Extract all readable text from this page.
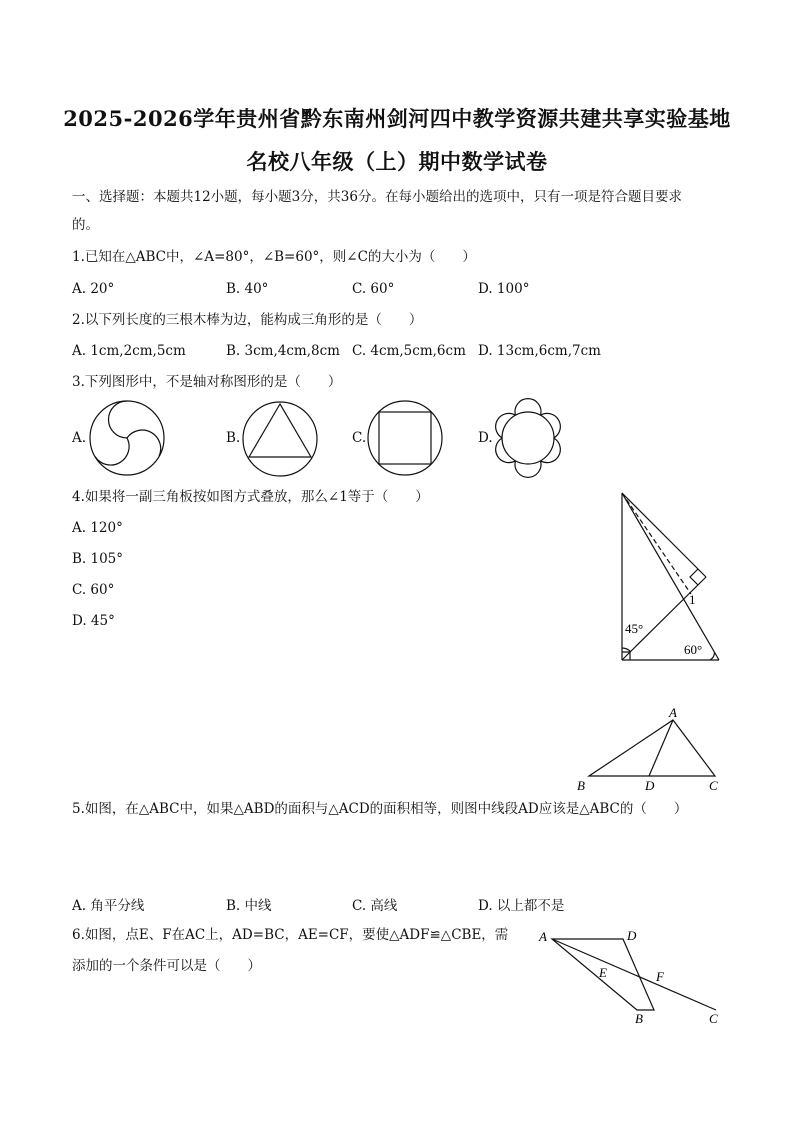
2025-2026学年贵州省黔东南州剑河四中教学资源共建共享实验基地
名校八年级（上）期中数学试卷
一、选择题：本题共12小题，每小题3分，共36分。在每小题给出的选项中，只有一项是符合题目要求
的。
1.已知在△ABC中，∠A=80°，∠B=60°，则∠C的大小为（　　）
A. 20°	B. 40°	C. 60°	D. 100°
2.以下列长度的三根木棒为边，能构成三角形的是（　　）
A. 1cm,2cm,5cm	B. 3cm,4cm,8cm C. 4cm,5cm,6cm D. 13cm,6cm,7cm
3.下列图形中，不是轴对称图形的是（　　）
A.	B.	C.	D.
4.如果将一副三角板按如图方式叠放，那么∠1等于（　　）
A. 120°
B. 105°
C. 60°
D. 45°	45°
60°
1
A
B	D	C
5.如图，在△ABC中，如果△ABD的面积与△ACD的面积相等，则图中线段AD应该是△ABC的（　　）
A. 角平分线	B. 中线	C. 高线	D. 以上都不是
6.如图，点E、F在AC上，AD=BC，AE=CF，要使△ADF≌△CBE，需
添加的一个条件可以是（　　）
A	D
E	F
B	C
